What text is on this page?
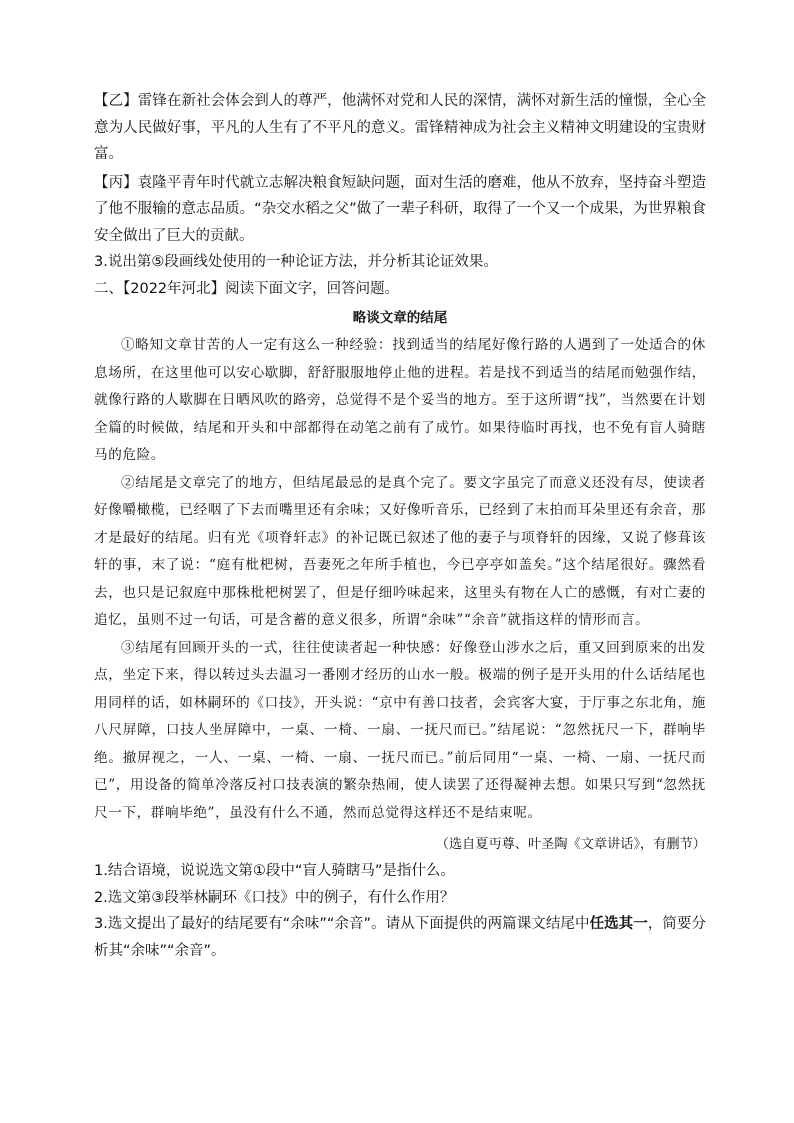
【乙】雷锋在新社会体会到人的尊严，他满怀对党和人民的深情，满怀对新生活的憧憬，全心全意为人民做好事，平凡的人生有了不平凡的意义。雷锋精神成为社会主义精神文明建设的宝贵财富。

【丙】袁隆平青年时代就立志解决粮食短缺问题，面对生活的磨难，他从不放弃，坚持奋斗塑造了他不服输的意志品质。“杂交水稻之父”做了一辈子科研，取得了一个又一个成果，为世界粮食安全做出了巨大的贡献。

3.说出第⑤段画线处使用的一种论证方法，并分析其论证效果。

二、【2022年河北】阅读下面文字，回答问题。

略谈文章的结尾

①略知文章甘苦的人一定有这么一种经验：找到适当的结尾好像行路的人遇到了一处适合的休息场所，在这里他可以安心歇脚，舒舒服服地停止他的进程。若是找不到适当的结尾而勉强作结，就像行路的人歇脚在日晒风吹的路旁，总觉得不是个妥当的地方。至于这所谓“找”，当然要在计划全篇的时候做，结尾和开头和中部都得在动笔之前有了成竹。如果待临时再找，也不免有盲人骑瞎马的危险。

②结尾是文章完了的地方，但结尾最忌的是真个完了。要文字虽完了而意义还没有尽，使读者好像嚼橄榄，已经咽了下去而嘴里还有余味；又好像听音乐，已经到了末拍而耳朵里还有余音，那才是最好的结尾。归有光《项脊轩志》的补记既已叙述了他的妻子与项脊轩的因缘，又说了修葺该轩的事，末了说：“庭有枇杷树，吾妻死之年所手植也，今已亭亭如盖矣。”这个结尾很好。骤然看去，也只是记叙庭中那株枇杷树罢了，但是仔细吟味起来，这里头有物在人亡的感慨，有对亡妻的追忆，虽则不过一句话，可是含蓄的意义很多，所谓“余味”“余音”就指这样的情形而言。

③结尾有回顾开头的一式，往往使读者起一种快感：好像登山涉水之后，重又回到原来的出发点，坐定下来，得以转过头去温习一番刚才经历的山水一般。极端的例子是开头用的什么话结尾也用同样的话，如林嗣环的《口技》，开头说：“京中有善口技者，会宾客大宴，于厅事之东北角，施八尺屏障，口技人坐屏障中，一桌、一椅、一扇、一抚尺而已。”结尾说：“忽然抚尺一下，群响毕绝。撤屏视之，一人、一桌、一椅、一扇、一抚尺而已。”前后同用“一桌、一椅、一扇、一抚尺而已”，用设备的简单冷落反衬口技表演的繁杂热闹，使人读罢了还得凝神去想。如果只写到“忽然抚尺一下，群响毕绝”，虽没有什么不通，然而总觉得这样还不是结束呢。

（选自夏丏尊、叶圣陶《文章讲话》，有删节）

1.结合语境，说说选文第①段中“盲人骑瞎马”是指什么。

2.选文第③段举林嗣环《口技》中的例子，有什么作用？

3.选文提出了最好的结尾要有“余味”“余音”。请从下面提供的两篇课文结尾中任选其一，简要分析其“余味”“余音”。
